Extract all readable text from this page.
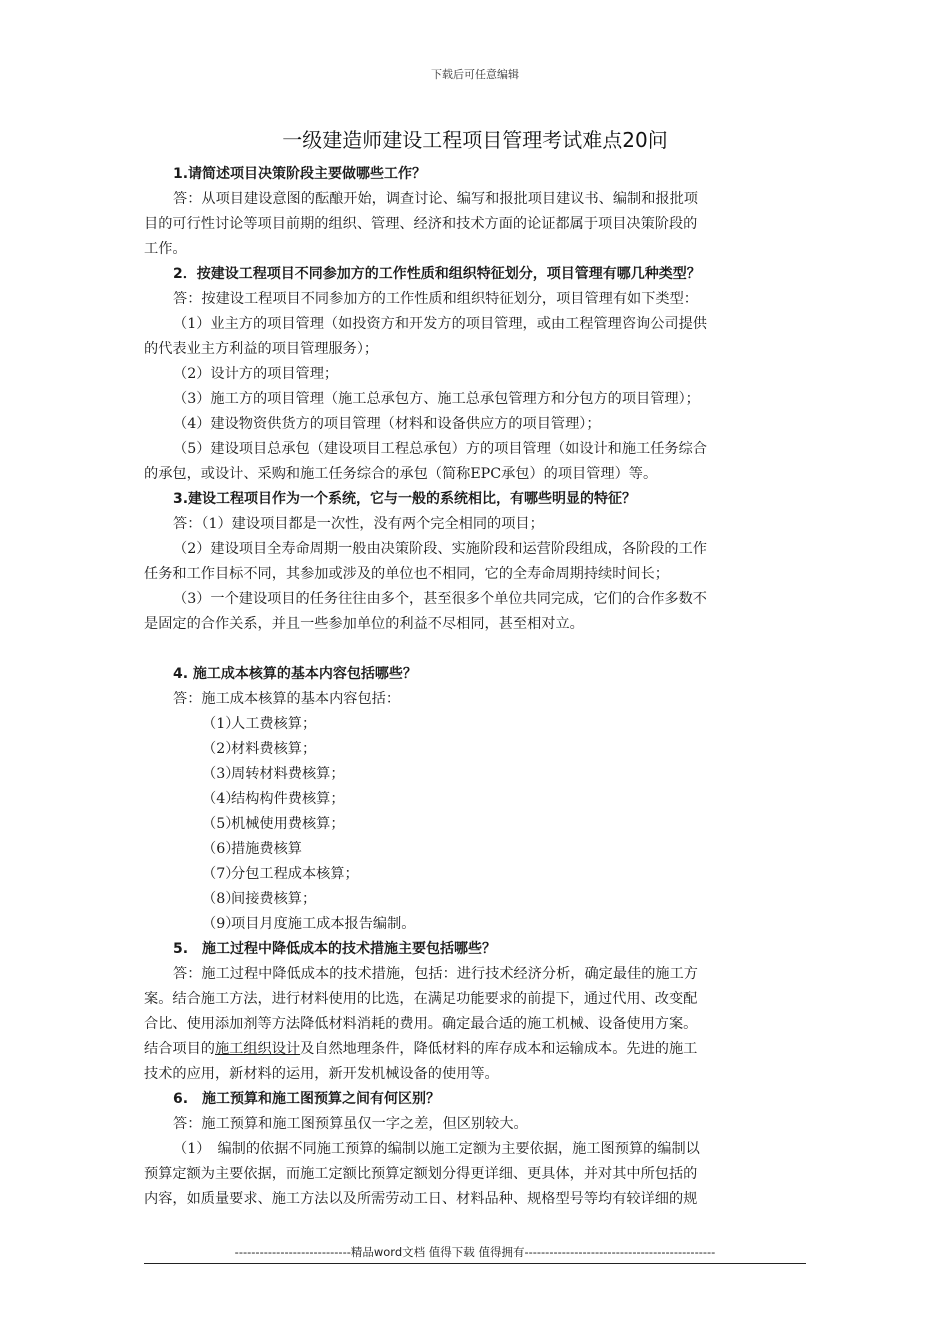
下载后可任意编辑
一级建造师建设工程项目管理考试难点20问
1.请简述项目决策阶段主要做哪些工作？
答：从项目建设意图的酝酿开始，调查讨论、编写和报批项目建议书、编制和报批项
目的可行性讨论等项目前期的组织、管理、经济和技术方面的论证都属于项目决策阶段的
工作。
2．按建设工程项目不同参加方的工作性质和组织特征划分，项目管理有哪几种类型？
答：按建设工程项目不同参加方的工作性质和组织特征划分，项目管理有如下类型：
（1）业主方的项目管理（如投资方和开发方的项目管理，或由工程管理咨询公司提供
的代表业主方利益的项目管理服务）；
（2）设计方的项目管理；
（3）施工方的项目管理（施工总承包方、施工总承包管理方和分包方的项目管理）；
（4）建设物资供货方的项目管理（材料和设备供应方的项目管理）；
（5）建设项目总承包（建设项目工程总承包）方的项目管理（如设计和施工任务综合
的承包，或设计、采购和施工任务综合的承包（简称EPC承包）的项目管理）等。
3.建设工程项目作为一个系统，它与一般的系统相比，有哪些明显的特征？
答：（1）建设项目都是一次性，没有两个完全相同的项目；
（2）建设项目全寿命周期一般由决策阶段、实施阶段和运营阶段组成，各阶段的工作
任务和工作目标不同，其参加或涉及的单位也不相同，它的全寿命周期持续时间长；
（3）一个建设项目的任务往往由多个，甚至很多个单位共同完成，它们的合作多数不
是固定的合作关系，并且一些参加单位的利益不尽相同，甚至相对立。
4. 施工成本核算的基本内容包括哪些？
答：施工成本核算的基本内容包括：
（1）人工费核算；
（2）材料费核算；
（3）周转材料费核算；
（4）结构构件费核算；
（5）机械使用费核算；
（6）措施费核算
（7）分包工程成本核算；
（8）间接费核算；
（9）项目月度施工成本报告编制。
5.　施工过程中降低成本的技术措施主要包括哪些？
答：施工过程中降低成本的技术措施，包括：进行技术经济分析，确定最佳的施工方
案。结合施工方法，进行材料使用的比选，在满足功能要求的前提下，通过代用、改变配
合比、使用添加剂等方法降低材料消耗的费用。确定最合适的施工机械、设备使用方案。
结合项目的施工组织设计及自然地理条件，降低材料的库存成本和运输成本。先进的施工
技术的应用，新材料的运用，新开发机械设备的使用等。
6.　施工预算和施工图预算之间有何区别？
答：施工预算和施工图预算虽仅一字之差，但区别较大。
（1）　编制的依据不同施工预算的编制以施工定额为主要依据，施工图预算的编制以
预算定额为主要依据，而施工定额比预算定额划分得更详细、更具体，并对其中所包括的
内容，如质量要求、施工方法以及所需劳动工日、材料品种、规格型号等均有较详细的规
----------------------------精品word文档 值得下载 值得拥有----------------------------------------------
